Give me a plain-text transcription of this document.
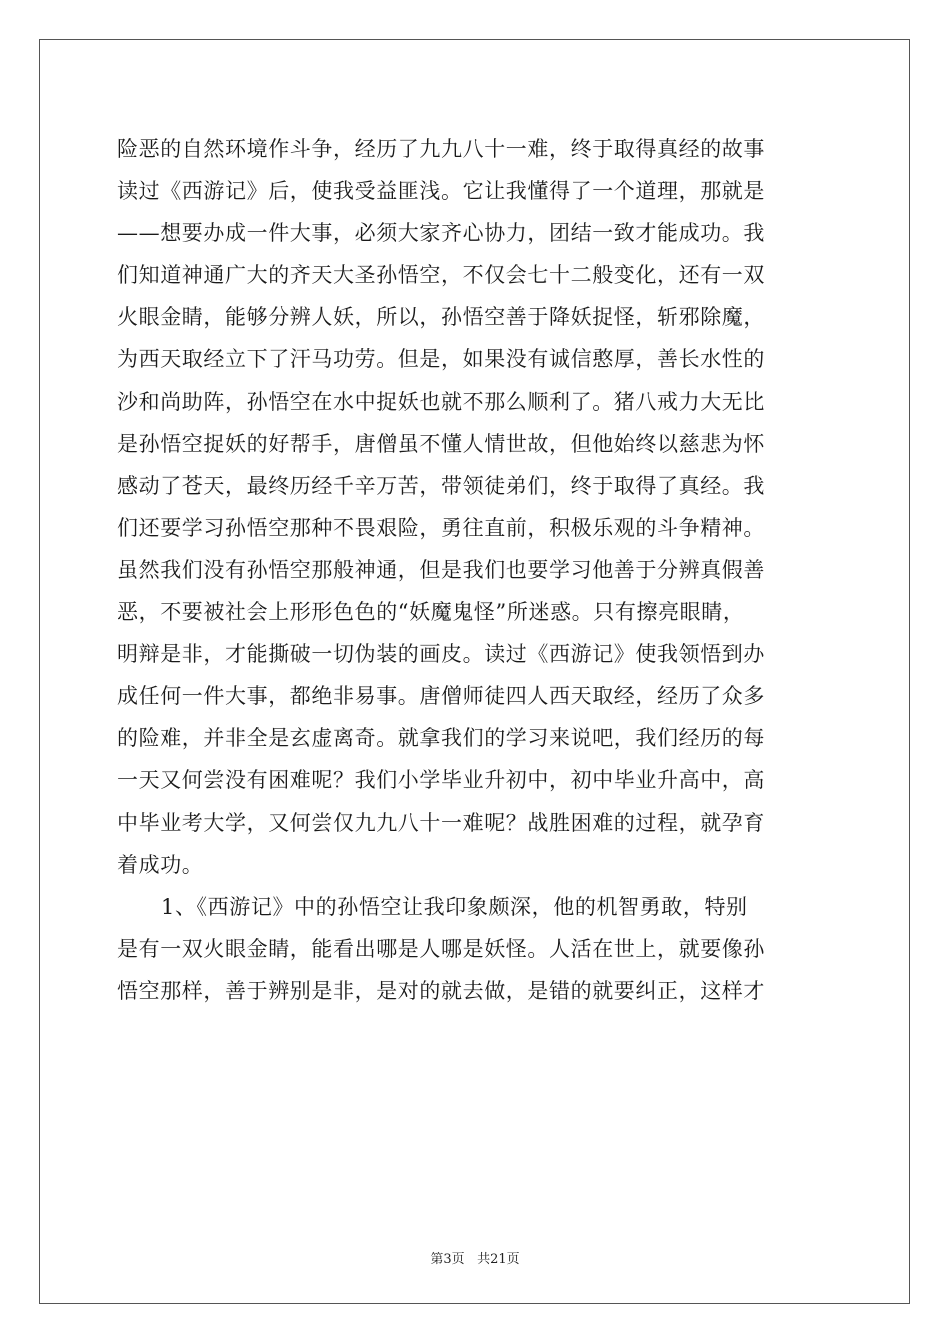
险恶的自然环境作斗争，经历了九九八十一难，终于取得真经的故事
读过《西游记》后，使我受益匪浅。它让我懂得了一个道理，那就是
——想要办成一件大事，必须大家齐心协力，团结一致才能成功。我
们知道神通广大的齐天大圣孙悟空，不仅会七十二般变化，还有一双
火眼金睛，能够分辨人妖，所以，孙悟空善于降妖捉怪，斩邪除魔，
为西天取经立下了汗马功劳。但是，如果没有诚信憨厚，善长水性的
沙和尚助阵，孙悟空在水中捉妖也就不那么顺利了。猪八戒力大无比
是孙悟空捉妖的好帮手，唐僧虽不懂人情世故，但他始终以慈悲为怀
感动了苍天，最终历经千辛万苦，带领徒弟们，终于取得了真经。我
们还要学习孙悟空那种不畏艰险，勇往直前，积极乐观的斗争精神。
虽然我们没有孙悟空那般神通，但是我们也要学习他善于分辨真假善
恶，不要被社会上形形色色的“妖魔鬼怪”所迷惑。只有擦亮眼睛，
明辩是非，才能撕破一切伪装的画皮。读过《西游记》使我领悟到办
成任何一件大事，都绝非易事。唐僧师徒四人西天取经，经历了众多
的险难，并非全是玄虚离奇。就拿我们的学习来说吧，我们经历的每
一天又何尝没有困难呢？我们小学毕业升初中，初中毕业升高中，高
中毕业考大学，又何尝仅九九八十一难呢？战胜困难的过程，就孕育
着成功。
1、《西游记》中的孙悟空让我印象颇深，他的机智勇敢，特别
是有一双火眼金睛，能看出哪是人哪是妖怪。人活在世上，就要像孙
悟空那样，善于辨别是非，是对的就去做，是错的就要纠正，这样才
第3页 共21页
